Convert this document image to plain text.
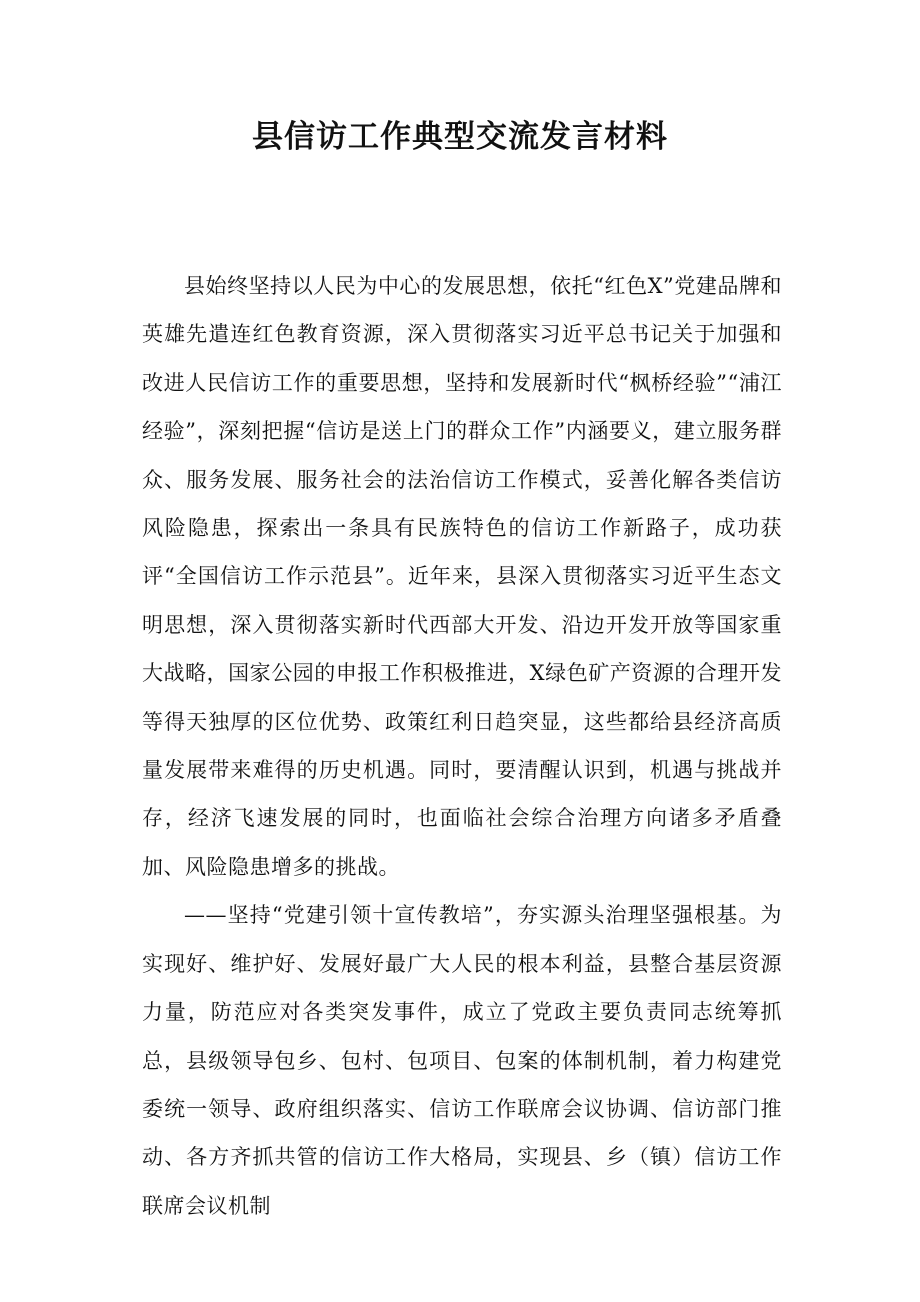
县信访工作典型交流发言材料

县始终坚持以人民为中心的发展思想，依托“红色X”党建品牌和英雄先遣连红色教育资源，深入贯彻落实习近平总书记关于加强和改进人民信访工作的重要思想，坚持和发展新时代“枫桥经验”“浦江经验”，深刻把握“信访是送上门的群众工作”内涵要义，建立服务群众、服务发展、服务社会的法治信访工作模式，妥善化解各类信访风险隐患，探索出一条具有民族特色的信访工作新路子，成功获评“全国信访工作示范县”。近年来，县深入贯彻落实习近平生态文明思想，深入贯彻落实新时代西部大开发、沿边开发开放等国家重大战略，国家公园的申报工作积极推进，X绿色矿产资源的合理开发等得天独厚的区位优势、政策红利日趋突显，这些都给县经济高质量发展带来难得的历史机遇。同时，要清醒认识到，机遇与挑战并存，经济飞速发展的同时，也面临社会综合治理方向诸多矛盾叠加、风险隐患增多的挑战。

——坚持“党建引领十宣传教培”，夯实源头治理坚强根基。为实现好、维护好、发展好最广大人民的根本利益，县整合基层资源力量，防范应对各类突发事件，成立了党政主要负责同志统筹抓总，县级领导包乡、包村、包项目、包案的体制机制，着力构建党委统一领导、政府组织落实、信访工作联席会议协调、信访部门推动、各方齐抓共管的信访工作大格局，实现县、乡（镇）信访工作联席会议机制
